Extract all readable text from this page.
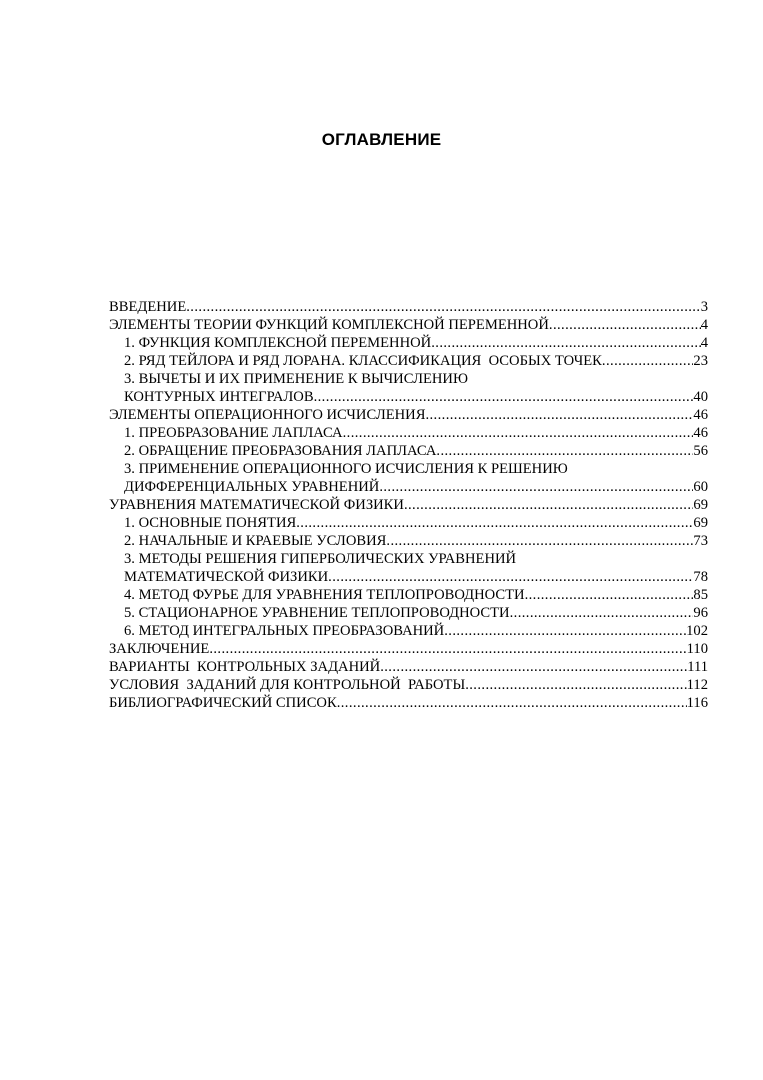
ОГЛАВЛЕНИЕ
ВВЕДЕНИЕ .....	3
ЭЛЕМЕНТЫ ТЕОРИИ ФУНКЦИЙ КОМПЛЕКСНОЙ ПЕРЕМЕННОЙ .....	4
1. ФУНКЦИЯ КОМПЛЕКСНОЙ ПЕРЕМЕННОЙ .....	4
2. РЯД ТЕЙЛОРА И РЯД ЛОРАНА. КЛАССИФИКАЦИЯ  ОСОБЫХ ТОЧЕК .....	23
3. ВЫЧЕТЫ И ИХ ПРИМЕНЕНИЕ К ВЫЧИСЛЕНИЮ
КОНТУРНЫХ ИНТЕГРАЛОВ .....	40
ЭЛЕМЕНТЫ ОПЕРАЦИОННОГО ИСЧИСЛЕНИЯ .....	46
1. ПРЕОБРАЗОВАНИЕ ЛАПЛАСА .....	46
2. ОБРАЩЕНИЕ ПРЕОБРАЗОВАНИЯ ЛАПЛАСА .....	56
3. ПРИМЕНЕНИЕ ОПЕРАЦИОННОГО ИСЧИСЛЕНИЯ К РЕШЕНИЮ
ДИФФЕРЕНЦИАЛЬНЫХ УРАВНЕНИЙ .....	60
УРАВНЕНИЯ МАТЕМАТИЧЕСКОЙ ФИЗИКИ .....	69
1. ОСНОВНЫЕ ПОНЯТИЯ .....	69
2. НАЧАЛЬНЫЕ И КРАЕВЫЕ УСЛОВИЯ .....	73
3. МЕТОДЫ РЕШЕНИЯ ГИПЕРБОЛИЧЕСКИХ УРАВНЕНИЙ
МАТЕМАТИЧЕСКОЙ ФИЗИКИ .....	78
4. МЕТОД ФУРЬЕ ДЛЯ УРАВНЕНИЯ ТЕПЛОПРОВОДНОСТИ .....	85
5. СТАЦИОНАРНОЕ УРАВНЕНИЕ ТЕПЛОПРОВОДНОСТИ .....	96
6. МЕТОД ИНТЕГРАЛЬНЫХ ПРЕОБРАЗОВАНИЙ .....	102
ЗАКЛЮЧЕНИЕ .....	110
ВАРИАНТЫ  КОНТРОЛЬНЫХ ЗАДАНИЙ .....	111
УСЛОВИЯ  ЗАДАНИЙ ДЛЯ КОНТРОЛЬНОЙ  РАБОТЫ .....	112
БИБЛИОГРАФИЧЕСКИЙ СПИСОК .....	116
